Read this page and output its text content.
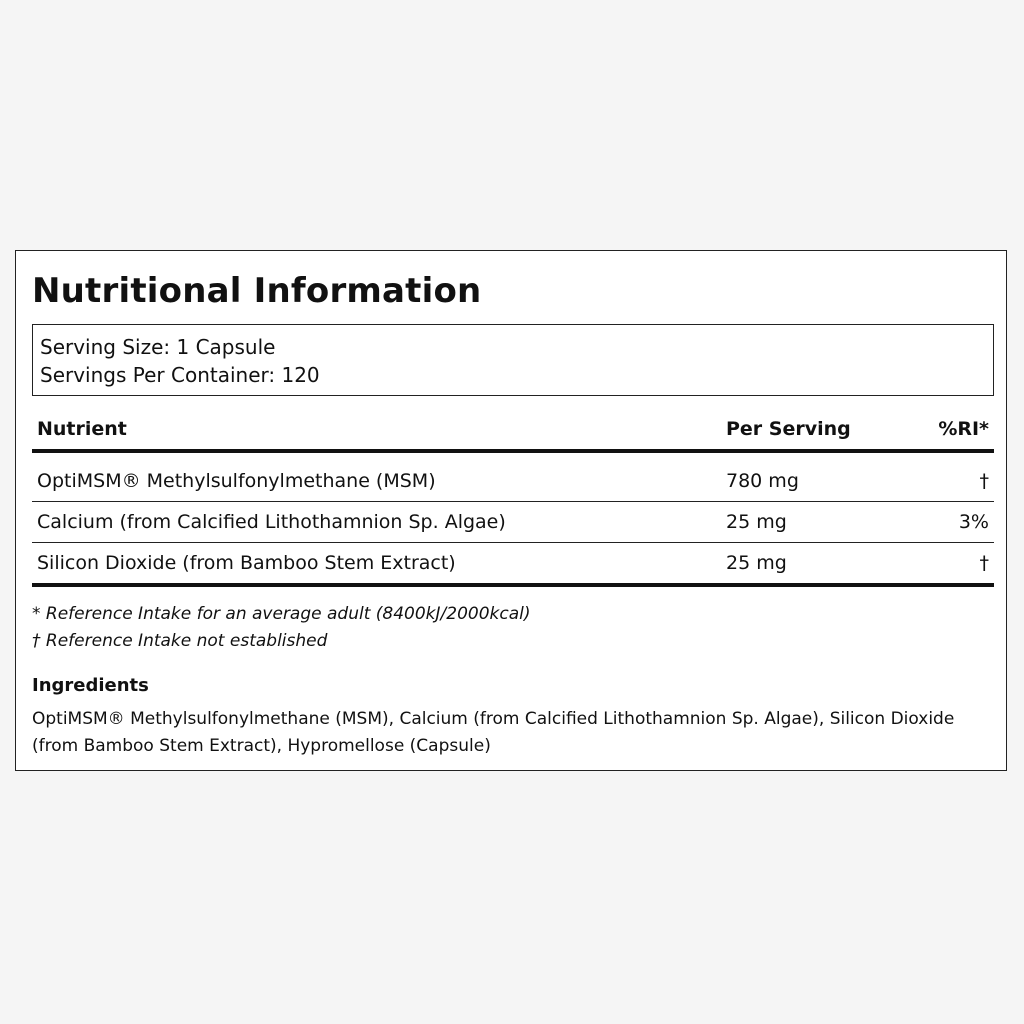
Nutritional Information
Serving Size: 1 Capsule
Servings Per Container: 120
Nutrient	Per Serving	%RI*
OptiMSM® Methylsulfonylmethane (MSM)	780 mg	†
Calcium (from Calcified Lithothamnion Sp. Algae)	25 mg	3%
Silicon Dioxide (from Bamboo Stem Extract)	25 mg	†
* Reference Intake for an average adult (8400kJ/2000kcal)
† Reference Intake not established
Ingredients

OptiMSM® Methylsulfonylmethane (MSM), Calcium (from Calcified Lithothamnion Sp. Algae), Silicon Dioxide (from Bamboo Stem Extract), Hypromellose (Capsule)
